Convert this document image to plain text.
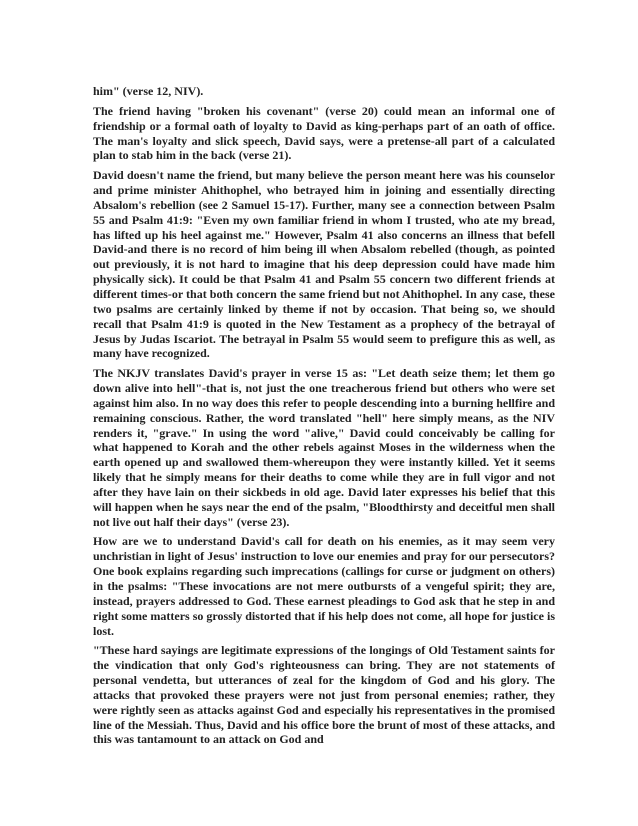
him" (verse 12, NIV).

The friend having "broken his covenant" (verse 20) could mean an informal one of friendship or a formal oath of loyalty to David as king-perhaps part of an oath of office. The man's loyalty and slick speech, David says, were a pretense-all part of a calculated plan to stab him in the back (verse 21).

David doesn't name the friend, but many believe the person meant here was his counselor and prime minister Ahithophel, who betrayed him in joining and essentially directing Absalom's rebellion (see 2 Samuel 15-17). Further, many see a connection between Psalm 55 and Psalm 41:9: "Even my own familiar friend in whom I trusted, who ate my bread, has lifted up his heel against me." However, Psalm 41 also concerns an illness that befell David-and there is no record of him being ill when Absalom rebelled (though, as pointed out previously, it is not hard to imagine that his deep depression could have made him physically sick). It could be that Psalm 41 and Psalm 55 concern two different friends at different times-or that both concern the same friend but not Ahithophel. In any case, these two psalms are certainly linked by theme if not by occasion. That being so, we should recall that Psalm 41:9 is quoted in the New Testament as a prophecy of the betrayal of Jesus by Judas Iscariot. The betrayal in Psalm 55 would seem to prefigure this as well, as many have recognized.

The NKJV translates David's prayer in verse 15 as: "Let death seize them; let them go down alive into hell"-that is, not just the one treacherous friend but others who were set against him also. In no way does this refer to people descending into a burning hellfire and remaining conscious. Rather, the word translated "hell" here simply means, as the NIV renders it, "grave." In using the word "alive," David could conceivably be calling for what happened to Korah and the other rebels against Moses in the wilderness when the earth opened up and swallowed them-whereupon they were instantly killed. Yet it seems likely that he simply means for their deaths to come while they are in full vigor and not after they have lain on their sickbeds in old age. David later expresses his belief that this will happen when he says near the end of the psalm, "Bloodthirsty and deceitful men shall not live out half their days" (verse 23).

How are we to understand David's call for death on his enemies, as it may seem very unchristian in light of Jesus' instruction to love our enemies and pray for our persecutors? One book explains regarding such imprecations (callings for curse or judgment on others) in the psalms: "These invocations are not mere outbursts of a vengeful spirit; they are, instead, prayers addressed to God. These earnest pleadings to God ask that he step in and right some matters so grossly distorted that if his help does not come, all hope for justice is lost.

"These hard sayings are legitimate expressions of the longings of Old Testament saints for the vindication that only God's righteousness can bring. They are not statements of personal vendetta, but utterances of zeal for the kingdom of God and his glory. The attacks that provoked these prayers were not just from personal enemies; rather, they were rightly seen as attacks against God and especially his representatives in the promised line of the Messiah. Thus, David and his office bore the brunt of most of these attacks, and this was tantamount to an attack on God and
